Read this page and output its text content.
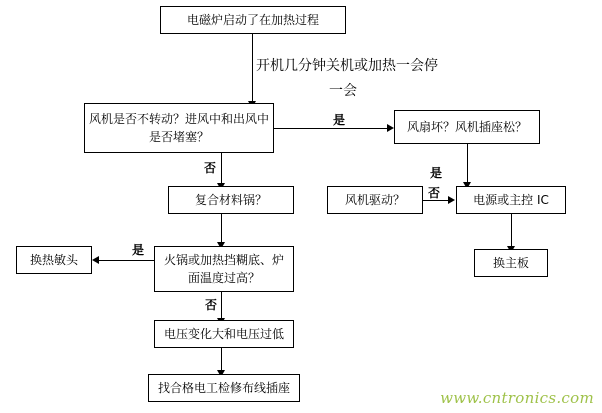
电磁炉启动了在加热过程
开机几分钟关机或加热一会停
一会
风机是否不转动？进风中和出风中是否堵塞？
是	风扇坏？风机插座松？
是
否
复合材料锅？	风机驱动？ 否	电源或主控 IC
换主板
火锅或加热挡糊底、炉面温度过高？
是
换热敏头
否
电压变化大和电压过低
找合格电工检修布线插座
www.cntronics.com
